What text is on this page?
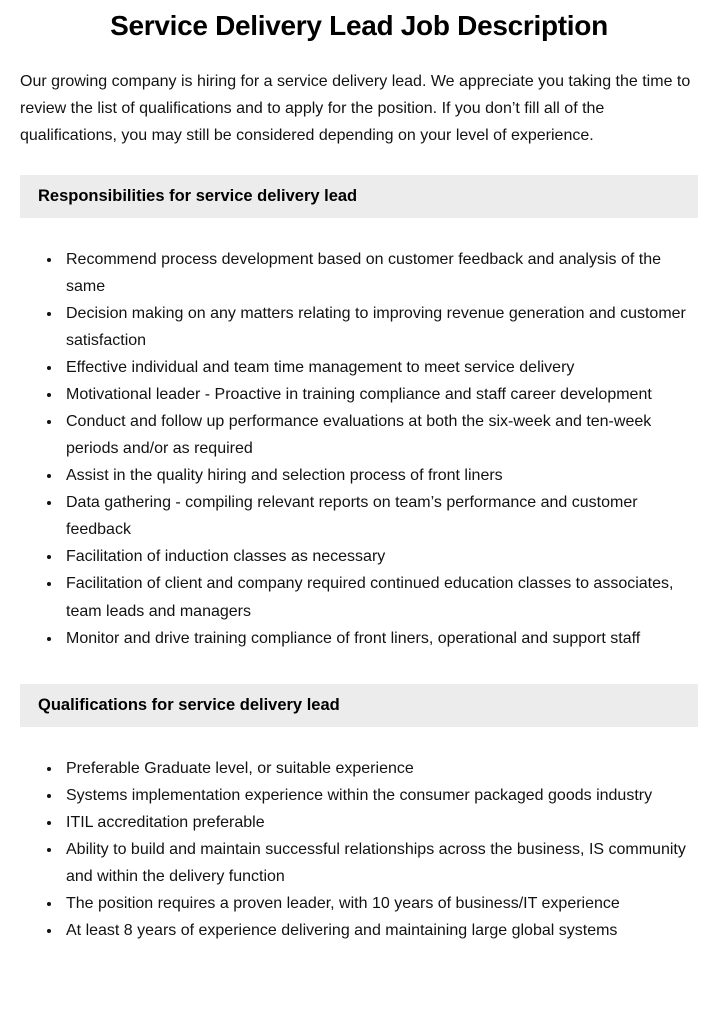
Service Delivery Lead Job Description

Our growing company is hiring for a service delivery lead. We appreciate you taking the time to review the list of qualifications and to apply for the position. If you don’t fill all of the qualifications, you may still be considered depending on your level of experience.

Responsibilities for service delivery lead
• Recommend process development based on customer feedback and analysis of the same
• Decision making on any matters relating to improving revenue generation and customer satisfaction
• Effective individual and team time management to meet service delivery
• Motivational leader - Proactive in training compliance and staff career development
• Conduct and follow up performance evaluations at both the six-week and ten-week periods and/or as required
• Assist in the quality hiring and selection process of front liners
• Data gathering - compiling relevant reports on team’s performance and customer feedback
• Facilitation of induction classes as necessary
• Facilitation of client and company required continued education classes to associates, team leads and managers
• Monitor and drive training compliance of front liners, operational and support staff
Qualifications for service delivery lead
• Preferable Graduate level, or suitable experience
• Systems implementation experience within the consumer packaged goods industry
• ITIL accreditation preferable
• Ability to build and maintain successful relationships across the business, IS community and within the delivery function
• The position requires a proven leader, with 10 years of business/IT experience
• At least 8 years of experience delivering and maintaining large global systems
